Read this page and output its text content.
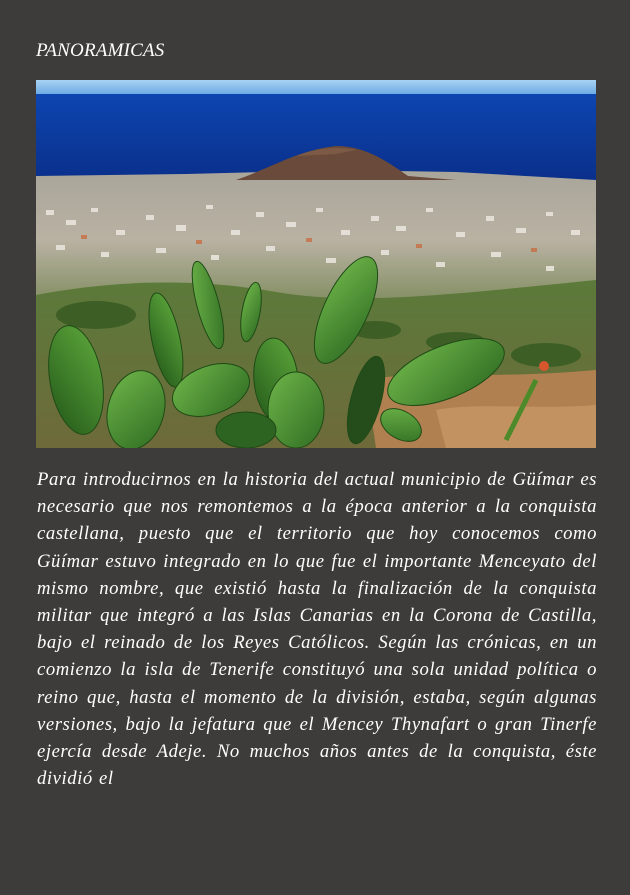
PANORAMICAS
Para introducirnos en la historia del actual municipio de Güímar es necesario que nos remontemos a la época anterior a la conquista castellana, puesto que el territorio que hoy conocemos como Güímar estuvo integrado en lo que fue el importante Menceyato del mismo nombre, que existió hasta la finalización de la conquista militar que integró a las Islas Canarias en la Corona de Castilla, bajo el reinado de los Reyes Católicos. Según las crónicas, en un comienzo la isla de Tenerife constituyó una sola unidad política o reino que, hasta el momento de la división, estaba, según algunas versiones, bajo la jefatura que el Mencey Thynafart o gran Tinerfe ejercía desde Adeje. No muchos años antes de la conquista, éste dividió el
